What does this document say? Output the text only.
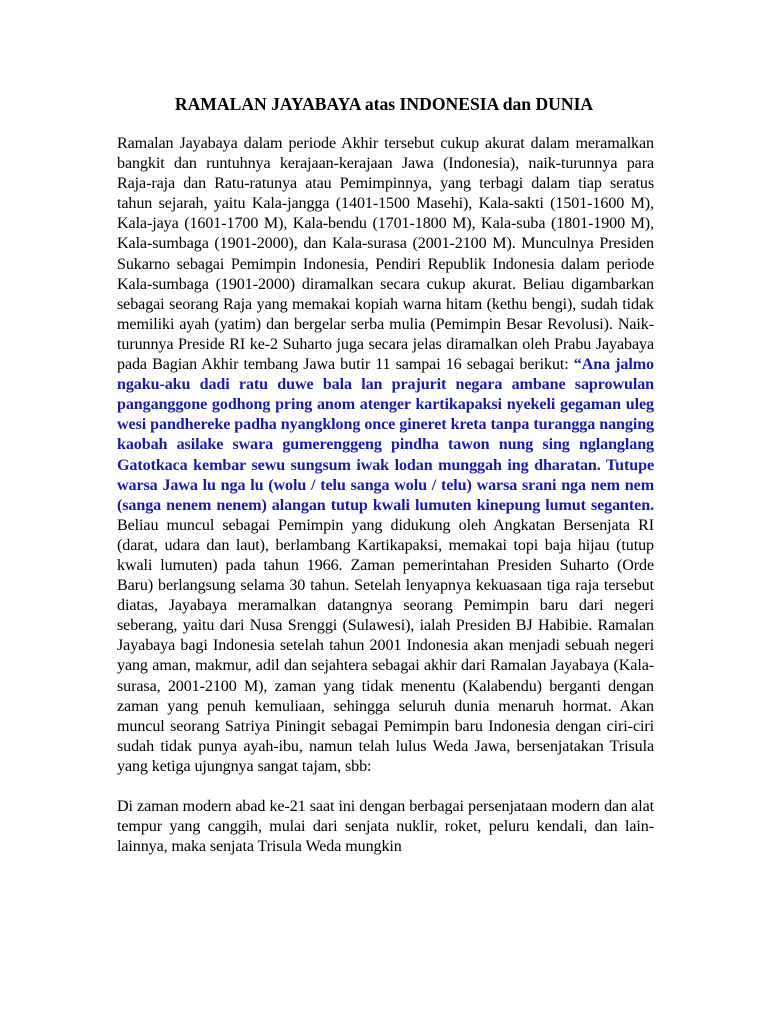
RAMALAN JAYABAYA atas INDONESIA dan DUNIA

Ramalan Jayabaya dalam periode Akhir tersebut cukup akurat dalam meramalkan bangkit dan runtuhnya kerajaan-kerajaan Jawa (Indonesia), naik-turunnya para Raja-raja dan Ratu-ratunya atau Pemimpinnya, yang terbagi dalam tiap seratus tahun sejarah, yaitu Kala-jangga (1401-1500 Masehi), Kala-sakti (1501-1600 M), Kala-jaya (1601-1700 M), Kala-bendu (1701-1800 M), Kala-suba (1801-1900 M), Kala-sumbaga (1901-2000), dan Kala-surasa (2001-2100 M). Munculnya Presiden Sukarno sebagai Pemimpin Indonesia, Pendiri Republik Indonesia dalam periode Kala-sumbaga (1901-2000) diramalkan secara cukup akurat. Beliau digambarkan sebagai seorang Raja yang memakai kopiah warna hitam (kethu bengi), sudah tidak memiliki ayah (yatim) dan bergelar serba mulia (Pemimpin Besar Revolusi). Naik-turunnya Preside RI ke-2 Suharto juga secara jelas diramalkan oleh Prabu Jayabaya pada Bagian Akhir tembang Jawa butir 11 sampai 16 sebagai berikut: “Ana jalmo ngaku-aku dadi ratu duwe bala lan prajurit negara ambane saprowulan panganggone godhong pring anom atenger kartikapaksi nyekeli gegaman uleg wesi pandhereke padha nyangklong once gineret kreta tanpa turangga nanging kaobah asilake swara gumerenggeng pindha tawon nung sing nglanglang Gatotkaca kembar sewu sungsum iwak lodan munggah ing dharatan. Tutupe warsa Jawa lu nga lu (wolu / telu sanga wolu / telu) warsa srani nga nem nem (sanga nenem nenem) alangan tutup kwali lumuten kinepung lumut seganten. Beliau muncul sebagai Pemimpin yang didukung oleh Angkatan Bersenjata RI (darat, udara dan laut), berlambang Kartikapaksi, memakai topi baja hijau (tutup kwali lumuten) pada tahun 1966. Zaman pemerintahan Presiden Suharto (Orde Baru) berlangsung selama 30 tahun. Setelah lenyapnya kekuasaan tiga raja tersebut diatas, Jayabaya meramalkan datangnya seorang Pemimpin baru dari negeri seberang, yaitu dari Nusa Srenggi (Sulawesi), ialah Presiden BJ Habibie. Ramalan Jayabaya bagi Indonesia setelah tahun 2001 Indonesia akan menjadi sebuah negeri yang aman, makmur, adil dan sejahtera sebagai akhir dari Ramalan Jayabaya (Kala-surasa, 2001-2100 M), zaman yang tidak menentu (Kalabendu) berganti dengan zaman yang penuh kemuliaan, sehingga seluruh dunia menaruh hormat. Akan muncul seorang Satriya Piningit sebagai Pemimpin baru Indonesia dengan ciri-ciri sudah tidak punya ayah-ibu, namun telah lulus Weda Jawa, bersenjatakan Trisula yang ketiga ujungnya sangat tajam, sbb:

Di zaman modern abad ke-21 saat ini dengan berbagai persenjataan modern dan alat tempur yang canggih, mulai dari senjata nuklir, roket, peluru kendali, dan lain-lainnya, maka senjata Trisula Weda mungkin
